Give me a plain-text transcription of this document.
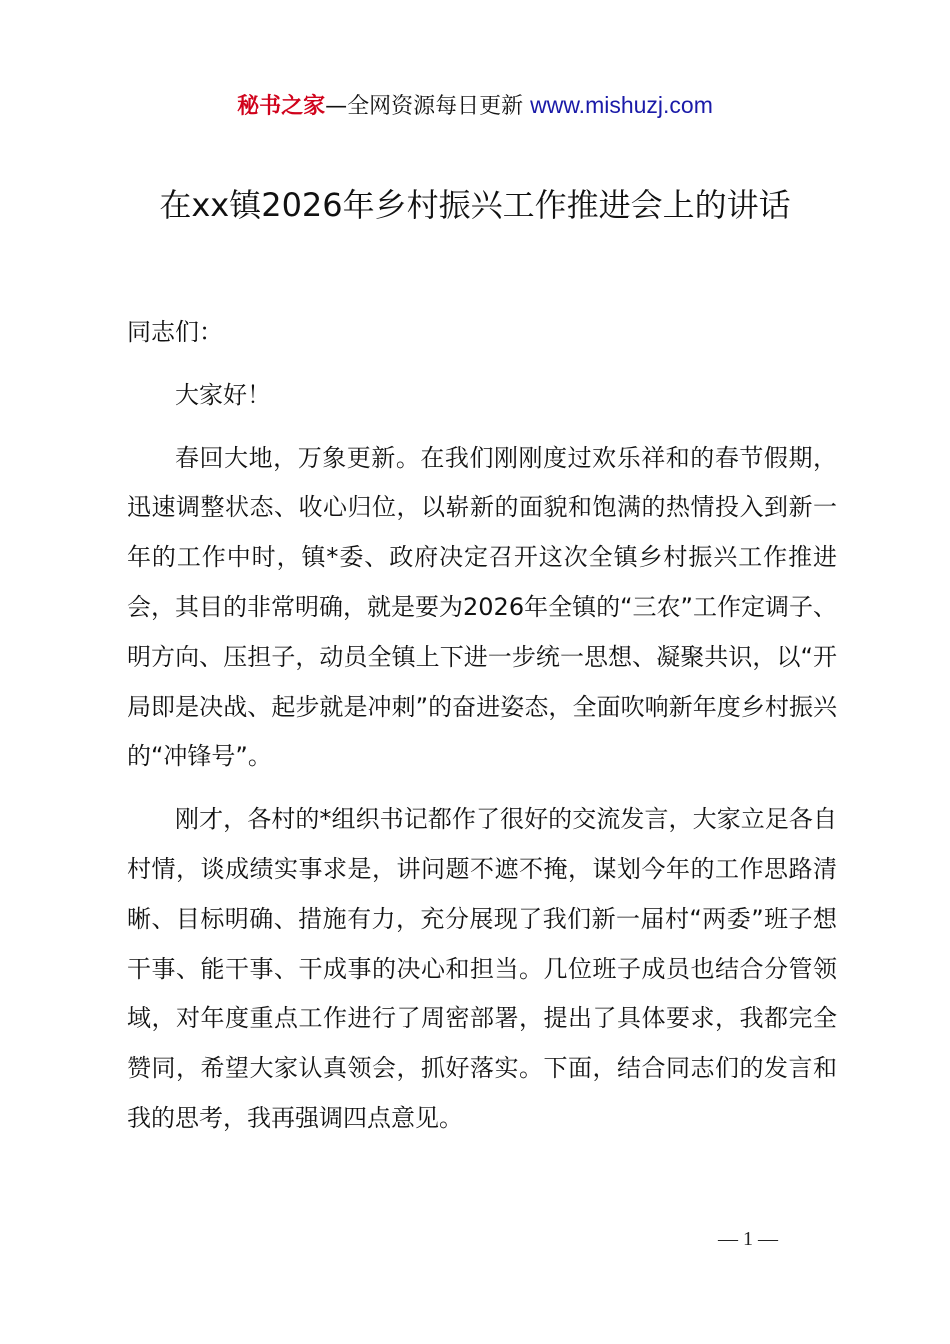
秘书之家—全网资源每日更新 www.mishuzj.com
在xx镇2026年乡村振兴工作推进会上的讲话

同志们：

大家好！

春回大地，万象更新。在我们刚刚度过欢乐祥和的春节假期，迅速调整状态、收心归位，以崭新的面貌和饱满的热情投入到新一年的工作中时，镇*委、政府决定召开这次全镇乡村振兴工作推进会，其目的非常明确，就是要为2026年全镇的“三农”工作定调子、明方向、压担子，动员全镇上下进一步统一思想、凝聚共识，以“开局即是决战、起步就是冲刺”的奋进姿态，全面吹响新年度乡村振兴的“冲锋号”。

刚才，各村的*组织书记都作了很好的交流发言，大家立足各自村情，谈成绩实事求是，讲问题不遮不掩，谋划今年的工作思路清晰、目标明确、措施有力，充分展现了我们新一届村“两委”班子想干事、能干事、干成事的决心和担当。几位班子成员也结合分管领域，对年度重点工作进行了周密部署，提出了具体要求，我都完全赞同，希望大家认真领会，抓好落实。下面，结合同志们的发言和我的思考，我再强调四点意见。

— 1 —
